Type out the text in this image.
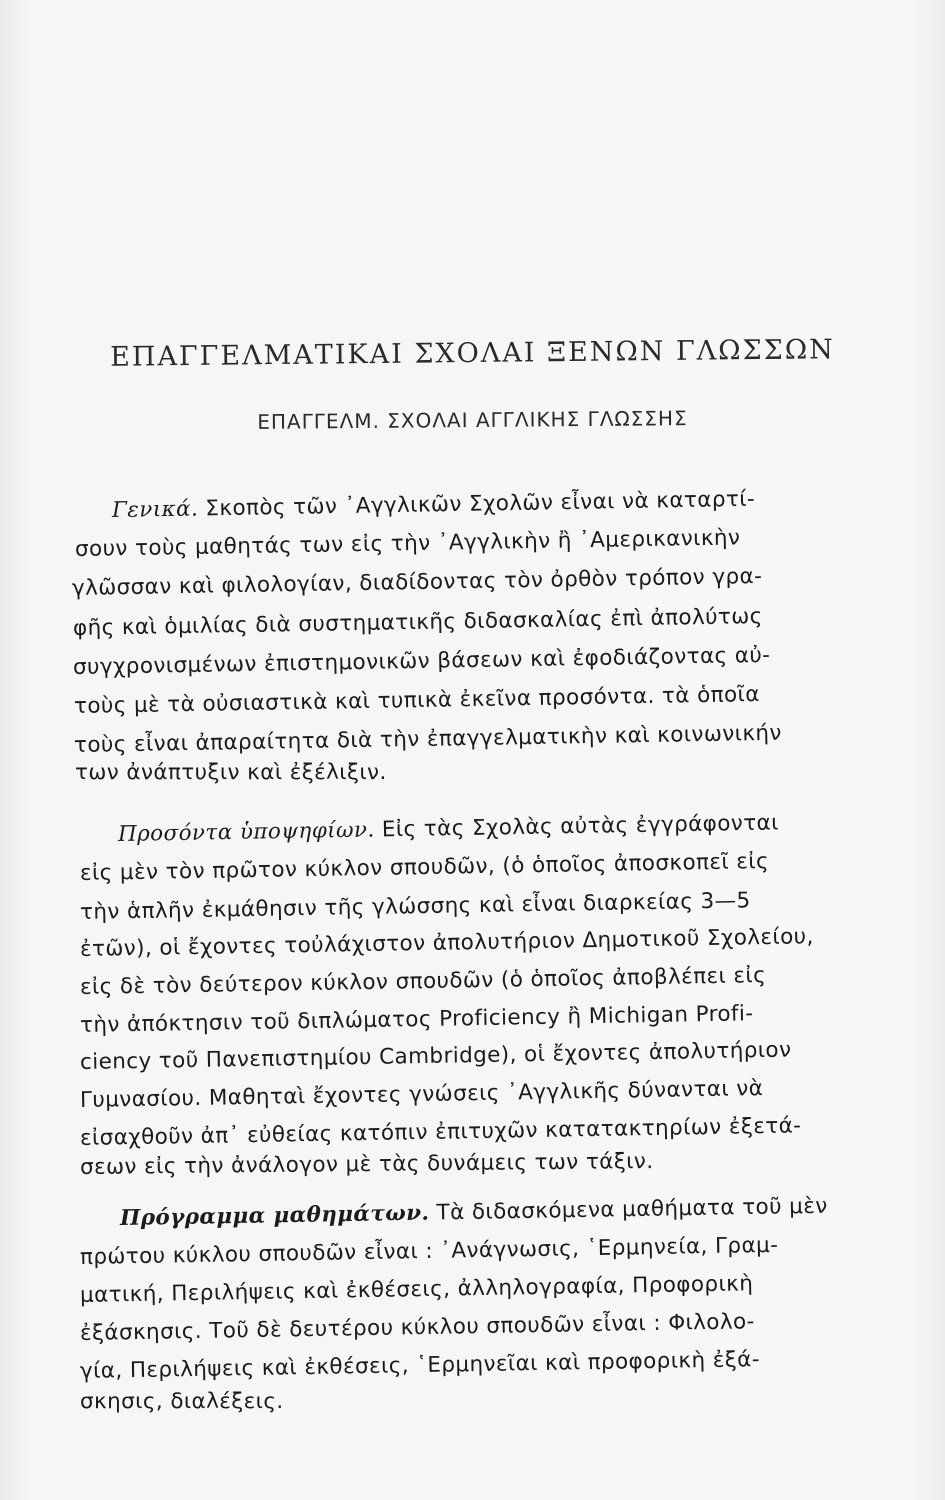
ΕΠΑΓΓΕΛΜΑΤΙΚΑΙ ΣΧΟΛΑΙ ΞΕΝΩΝ ΓΛΩΣΣΩΝ
ΕΠΑΓΓΕΛΜ. ΣΧΟΛΑΙ ΑΓΓΛΙΚΗΣ ΓΛΩΣΣΗΣ
Γενικά. Σκοπὸς τῶν ᾿Αγγλικῶν Σχολῶν εἶναι νὰ καταρτί-
σουν τοὺς μαθητάς των εἰς τὴν ᾿Αγγλικὴν ἢ ᾿Αμερικανικὴν
γλῶσσαν καὶ φιλολογίαν, διαδίδοντας τὸν ὀρθὸν τρόπον γρα-
φῆς καὶ ὁμιλίας διὰ συστηματικῆς διδασκαλίας ἐπὶ ἀπολύτως
συγχρονισμένων ἐπιστημονικῶν βάσεων καὶ ἐφοδιάζοντας αὐ-
τοὺς μὲ τὰ οὐσιαστικὰ καὶ τυπικὰ ἐκεῖνα προσόντα. τὰ ὁποῖα
τοὺς εἶναι ἀπαραίτητα διὰ τὴν ἐπαγγελματικὴν καὶ κοινωνικήν
των ἀνάπτυξιν καὶ ἐξέλιξιν.
Προσόντα ὑποψηφίων. Εἰς τὰς Σχολὰς αὐτὰς ἐγγράφονται
εἰς μὲν τὸν πρῶτον κύκλον σπουδῶν, (ὁ ὁποῖος ἀποσκοπεῖ εἰς
τὴν ἁπλῆν ἐκμάθησιν τῆς γλώσσης καὶ εἶναι διαρκείας 3—5
ἐτῶν), οἱ ἔχοντες τοὐλάχιστον ἀπολυτήριον Δημοτικοῦ Σχολείου,
εἰς δὲ τὸν δεύτερον κύκλον σπουδῶν (ὁ ὁποῖος ἀποβλέπει εἰς
τὴν ἀπόκτησιν τοῦ διπλώματος Proficiency ἢ Michigan Profi-
ciency τοῦ Πανεπιστημίου Cambridge), οἱ ἔχοντες ἀπολυτήριον
Γυμνασίου. Μαθηταὶ ἔχοντες γνώσεις ᾿Αγγλικῆς δύνανται νὰ
εἰσαχθοῦν ἀπ᾿ εὐθείας κατόπιν ἐπιτυχῶν κατατακτηρίων ἐξετά-
σεων εἰς τὴν ἀνάλογον μὲ τὰς δυνάμεις των τάξιν.
Πρόγραμμα μαθημάτων. Τὰ διδασκόμενα μαθήματα τοῦ μὲν
πρώτου κύκλου σπουδῶν εἶναι : ᾿Ανάγνωσις, ῾Ερμηνεία, Γραμ-
ματική, Περιλήψεις καὶ ἐκθέσεις, ἀλληλογραφία, Προφορικὴ
ἐξάσκησις. Τοῦ δὲ δευτέρου κύκλου σπουδῶν εἶναι : Φιλολο-
γία, Περιλήψεις καὶ ἐκθέσεις, ῾Ερμηνεῖαι καὶ προφορικὴ ἐξά-
σκησις, διαλέξεις.
